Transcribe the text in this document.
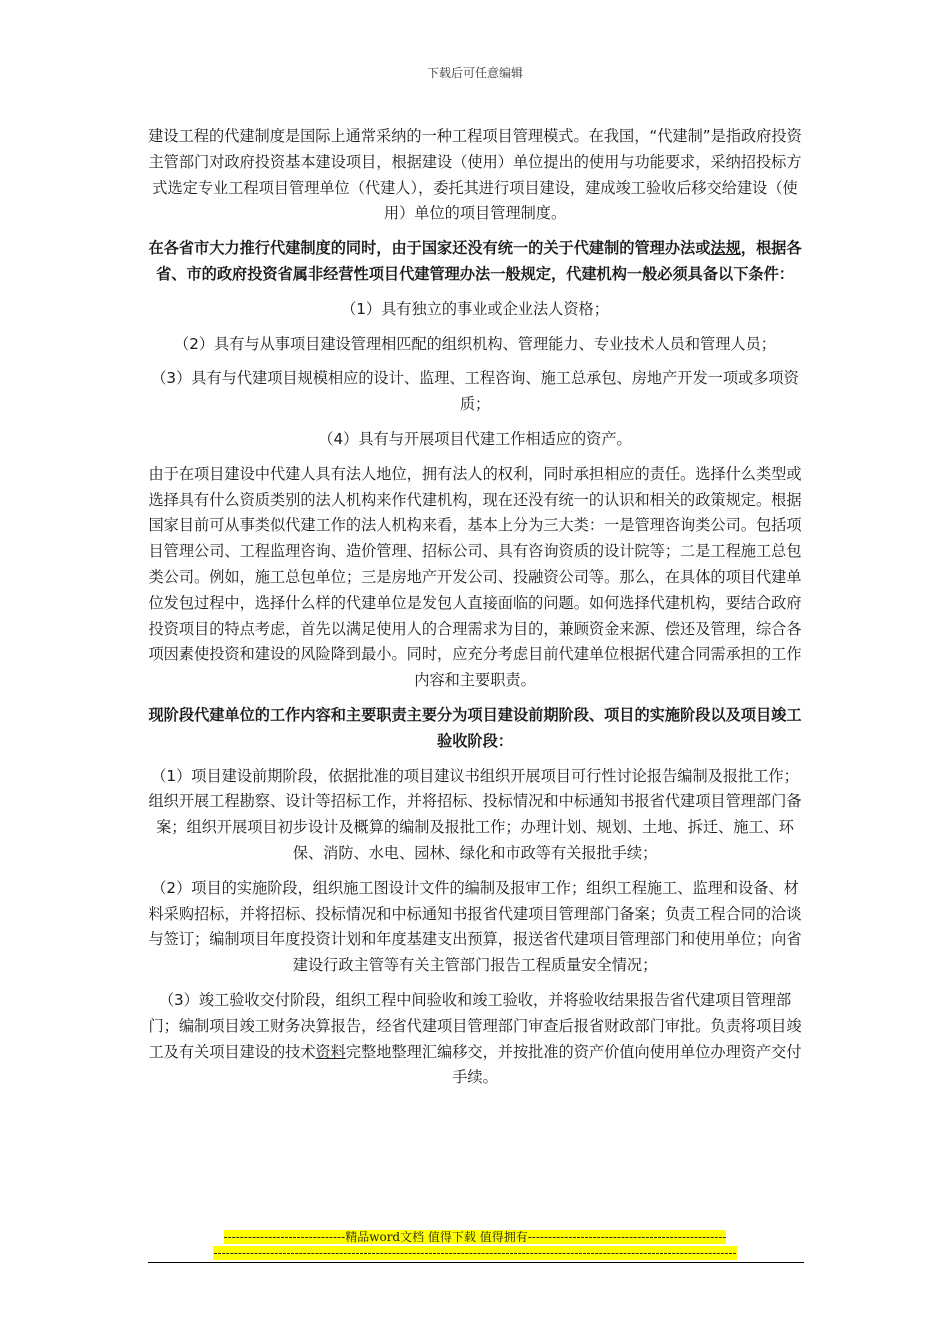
下载后可任意编辑

建设工程的代建制度是国际上通常采纳的一种工程项目管理模式。在我国，“代建制”是指政府投资主管部门对政府投资基本建设项目，根据建设（使用）单位提出的使用与功能要求，采纳招投标方式选定专业工程项目管理单位（代建人），委托其进行项目建设，建成竣工验收后移交给建设（使用）单位的项目管理制度。

在各省市大力推行代建制度的同时，由于国家还没有统一的关于代建制的管理办法或法规，根据各省、市的政府投资省属非经营性项目代建管理办法一般规定，代建机构一般必须具备以下条件：

（1）具有独立的事业或企业法人资格；

（2）具有与从事项目建设管理相匹配的组织机构、管理能力、专业技术人员和管理人员；

（3）具有与代建项目规模相应的设计、监理、工程咨询、施工总承包、房地产开发一项或多项资质；

（4）具有与开展项目代建工作相适应的资产。

由于在项目建设中代建人具有法人地位，拥有法人的权利，同时承担相应的责任。选择什么类型或选择具有什么资质类别的法人机构来作代建机构，现在还没有统一的认识和相关的政策规定。根据国家目前可从事类似代建工作的法人机构来看，基本上分为三大类：一是管理咨询类公司。包括项目管理公司、工程监理咨询、造价管理、招标公司、具有咨询资质的设计院等；二是工程施工总包类公司。例如，施工总包单位；三是房地产开发公司、投融资公司等。那么，在具体的项目代建单位发包过程中，选择什么样的代建单位是发包人直接面临的问题。如何选择代建机构，要结合政府投资项目的特点考虑，首先以满足使用人的合理需求为目的，兼顾资金来源、偿还及管理，综合各项因素使投资和建设的风险降到最小。同时，应充分考虑目前代建单位根据代建合同需承担的工作内容和主要职责。

现阶段代建单位的工作内容和主要职责主要分为项目建设前期阶段、项目的实施阶段以及项目竣工验收阶段：

（1）项目建设前期阶段，依据批准的项目建议书组织开展项目可行性讨论报告编制及报批工作；组织开展工程勘察、设计等招标工作，并将招标、投标情况和中标通知书报省代建项目管理部门备案；组织开展项目初步设计及概算的编制及报批工作；办理计划、规划、土地、拆迁、施工、环保、消防、水电、园林、绿化和市政等有关报批手续；

（2）项目的实施阶段，组织施工图设计文件的编制及报审工作；组织工程施工、监理和设备、材料采购招标，并将招标、投标情况和中标通知书报省代建项目管理部门备案；负责工程合同的洽谈与签订；编制项目年度投资计划和年度基建支出预算，报送省代建项目管理部门和使用单位；向省建设行政主管等有关主管部门报告工程质量安全情况；

（3）竣工验收交付阶段，组织工程中间验收和竣工验收，并将验收结果报告省代建项目管理部门；编制项目竣工财务决算报告，经省代建项目管理部门审查后报省财政部门审批。负责将项目竣工及有关项目建设的技术资料完整地整理汇编移交，并按批准的资产价值向使用单位办理资产交付手续。

------------------------------精品word文档 值得下载 值得拥有-------------------------------------------------
---------------------------------------------------------------------------------------------------------------------------------
